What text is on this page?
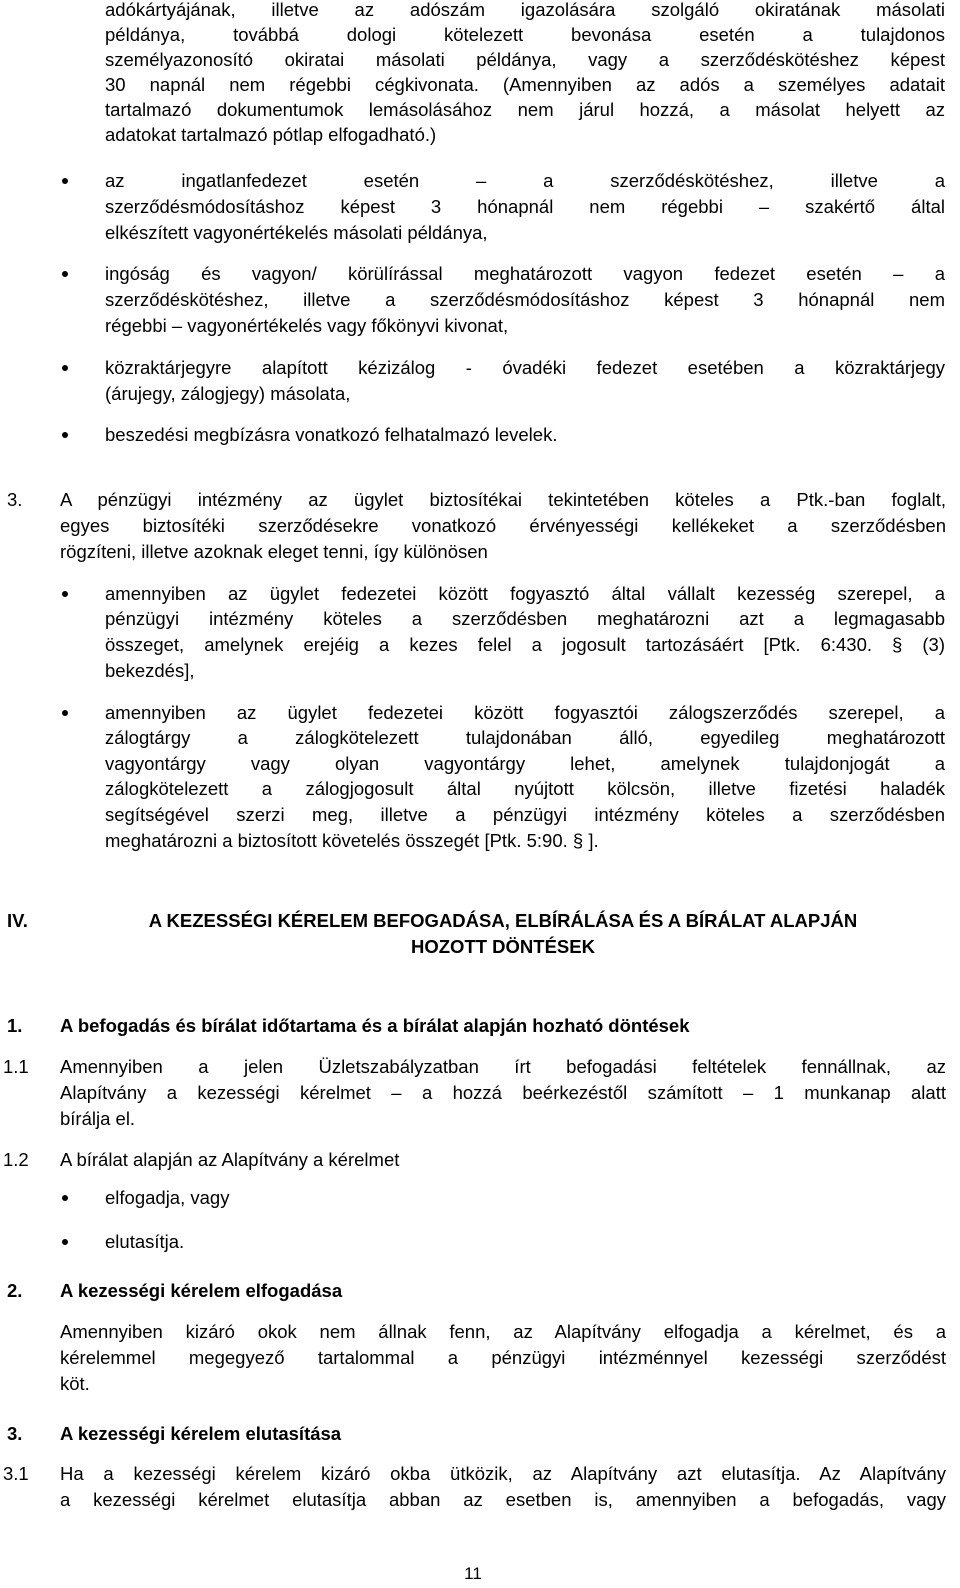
adókártyájának, illetve az adószám igazolására szolgáló okiratának másolati
példánya, továbbá dologi kötelezett bevonása esetén a tulajdonos
személyazonosító okiratai másolati példánya, vagy a szerződéskötéshez képest
30 napnál nem régebbi cégkivonata. (Amennyiben az adós a személyes adatait
tartalmazó dokumentumok lemásolásához nem járul hozzá, a másolat helyett az
adatokat tartalmazó pótlap elfogadható.)
az ingatlanfedezet esetén ‒ a szerződéskötéshez, illetve a
szerződésmódosításhoz képest 3 hónapnál nem régebbi ‒ szakértő által
elkészített vagyonértékelés másolati példánya,
ingóság és vagyon/ körülírással meghatározott vagyon fedezet esetén ‒ a
szerződéskötéshez, illetve a szerződésmódosításhoz képest 3 hónapnál nem
régebbi ‒ vagyonértékelés vagy főkönyvi kivonat,
közraktárjegyre alapított kézizálog - óvadéki fedezet esetében a közraktárjegy
(árujegy, zálogjegy) másolata,
beszedési megbízásra vonatkozó felhatalmazó levelek.
3. A pénzügyi intézmény az ügylet biztosítékai tekintetében köteles a Ptk.-ban foglalt,
egyes biztosítéki szerződésekre vonatkozó érvényességi kellékeket a szerződésben
rögzíteni, illetve azoknak eleget tenni, így különösen
amennyiben az ügylet fedezetei között fogyasztó által vállalt kezesség szerepel, a
pénzügyi intézmény köteles a szerződésben meghatározni azt a legmagasabb
összeget, amelynek erejéig a kezes felel a jogosult tartozásáért [Ptk. 6:430. § (3)
bekezdés],
amennyiben az ügylet fedezetei között fogyasztói zálogszerződés szerepel, a
zálogtárgy a zálogkötelezett tulajdonában álló, egyedileg meghatározott
vagyontárgy vagy olyan vagyontárgy lehet, amelynek tulajdonjogát a
zálogkötelezett a zálogjogosult által nyújtott kölcsön, illetve fizetési haladék
segítségével szerzi meg, illetve a pénzügyi intézmény köteles a szerződésben
meghatározni a biztosított követelés összegét [Ptk. 5:90. § ].
IV.	A KEZESSÉGI KÉRELEM BEFOGADÁSA, ELBÍRÁLÁSA ÉS A BÍRÁLAT ALAPJÁN
HOZOTT DÖNTÉSEK
1. A befogadás és bírálat időtartama és a bírálat alapján hozható döntések
1.1 Amennyiben a jelen Üzletszabályzatban írt befogadási feltételek fennállnak, az
Alapítvány a kezességi kérelmet ‒ a hozzá beérkezéstől számított ‒ 1 munkanap alatt
bírálja el.
1.2 A bírálat alapján az Alapítvány a kérelmet
elfogadja, vagy
elutasítja.
2. A kezességi kérelem elfogadása
Amennyiben kizáró okok nem állnak fenn, az Alapítvány elfogadja a kérelmet, és a
kérelemmel megegyező tartalommal a pénzügyi intézménnyel kezességi szerződést
köt.
3. A kezességi kérelem elutasítása
3.1 Ha a kezességi kérelem kizáró okba ütközik, az Alapítvány azt elutasítja. Az Alapítvány
a kezességi kérelmet elutasítja abban az esetben is, amennyiben a befogadás, vagy
11
